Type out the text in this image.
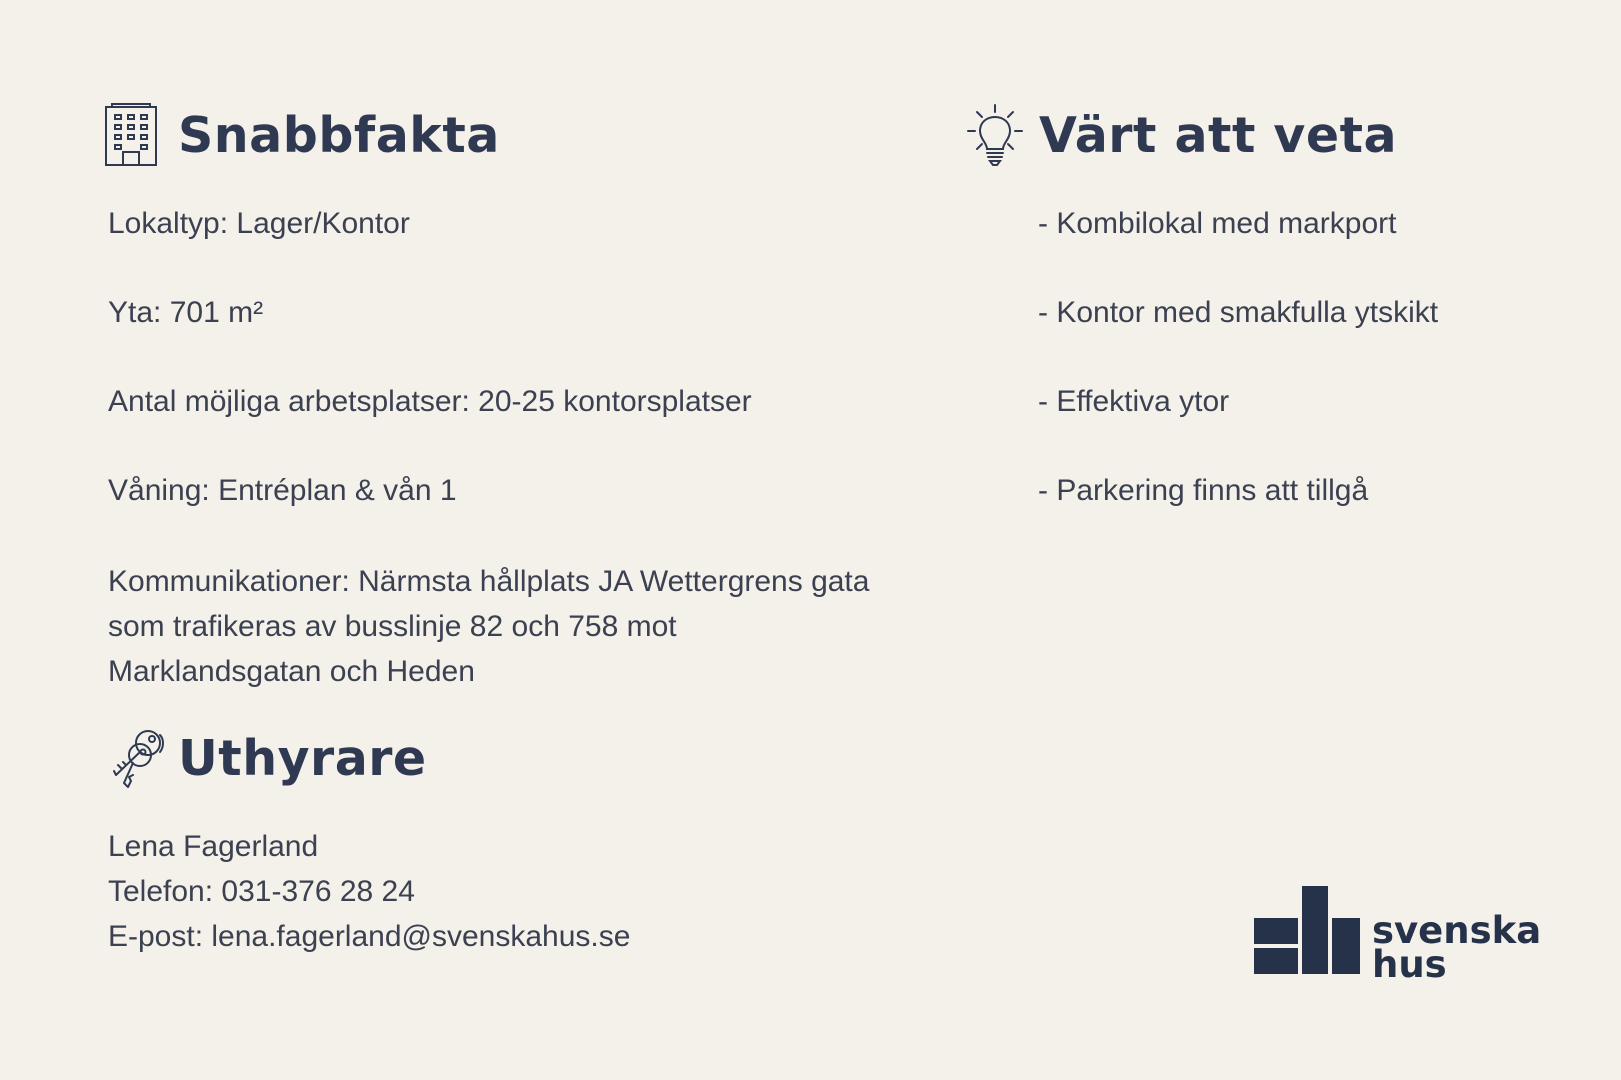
Snabbfakta
Lokaltyp: Lager/Kontor
Yta: 701 m²
Antal möjliga arbetsplatser: 20-25 kontorsplatser
Våning: Entréplan & vån 1
Kommunikationer: Närmsta hållplats JA Wettergrens gata
som trafikeras av busslinje 82 och 758 mot
Marklandsgatan och Heden
Värt att veta
- Kombilokal med markport
- Kontor med smakfulla ytskikt
- Effektiva ytor
- Parkering finns att tillgå
Uthyrare
Lena Fagerland
Telefon: 031-376 28 24
E-post: lena.fagerland@svenskahus.se	svenska
hus
